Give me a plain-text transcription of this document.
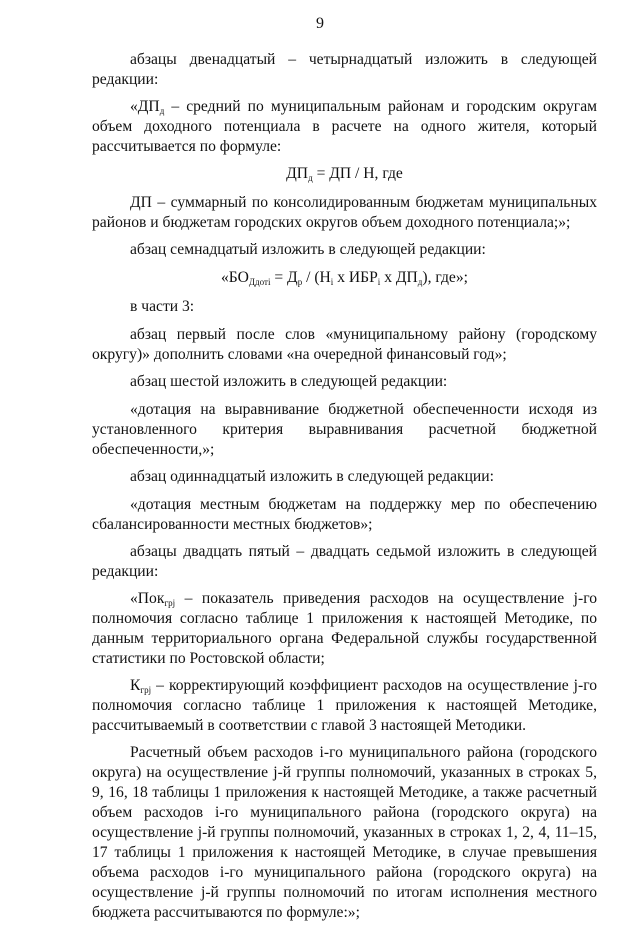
9

абзацы двенадцатый – четырнадцатый изложить в следующей редакции:

«$ДП_д$ – средний по муниципальным районам и городским округам объем доходного потенциала в расчете на одного жителя, который рассчитывается по формуле:

$ДП_д$ = ДП / Н, где

ДП – суммарный по консолидированным бюджетам муниципальных районов и бюджетам городских округов объем доходного потенциала;»;

абзац семнадцатый изложить в следующей редакции:

«$БО_{Ддотi} = Д_р / (Н_i$ х $ИБР_i$ х $ДП_д$), где»;

в части 3:

абзац первый после слов «муниципальному району (городскому округу)» дополнить словами «на очередной финансовый год»;

абзац шестой изложить в следующей редакции:

«дотация на выравнивание бюджетной обеспеченности исходя из установленного критерия выравнивания расчетной бюджетной обеспеченности,»;

абзац одиннадцатый изложить в следующей редакции:

«дотация местным бюджетам на поддержку мер по обеспечению сбалансированности местных бюджетов»;

абзацы двадцать пятый – двадцать седьмой изложить в следующей редакции:

«Пок$_{грj}$ – показатель приведения расходов на осуществление j-го полномочия согласно таблице 1 приложения к настоящей Методике, по данным территориального органа Федеральной службы государственной статистики по Ростовской области;

$К_{грj}$ – корректирующий коэффициент расходов на осуществление j-го полномочия согласно таблице 1 приложения к настоящей Методике, рассчитываемый в соответствии с главой 3 настоящей Методики.

Расчетный объем расходов i-го муниципального района (городского округа) на осуществление j-й группы полномочий, указанных в строках 5, 9, 16, 18 таблицы 1 приложения к настоящей Методике, а также расчетный объем расходов i-го муниципального района (городского округа) на осуществление j-й группы полномочий, указанных в строках 1, 2, 4, 11–15, 17 таблицы 1 приложения к настоящей Методике, в случае превышения объема расходов i-го муниципального района (городского округа) на осуществление j-й группы полномочий по итогам исполнения местного бюджета рассчитываются по формуле:»;
